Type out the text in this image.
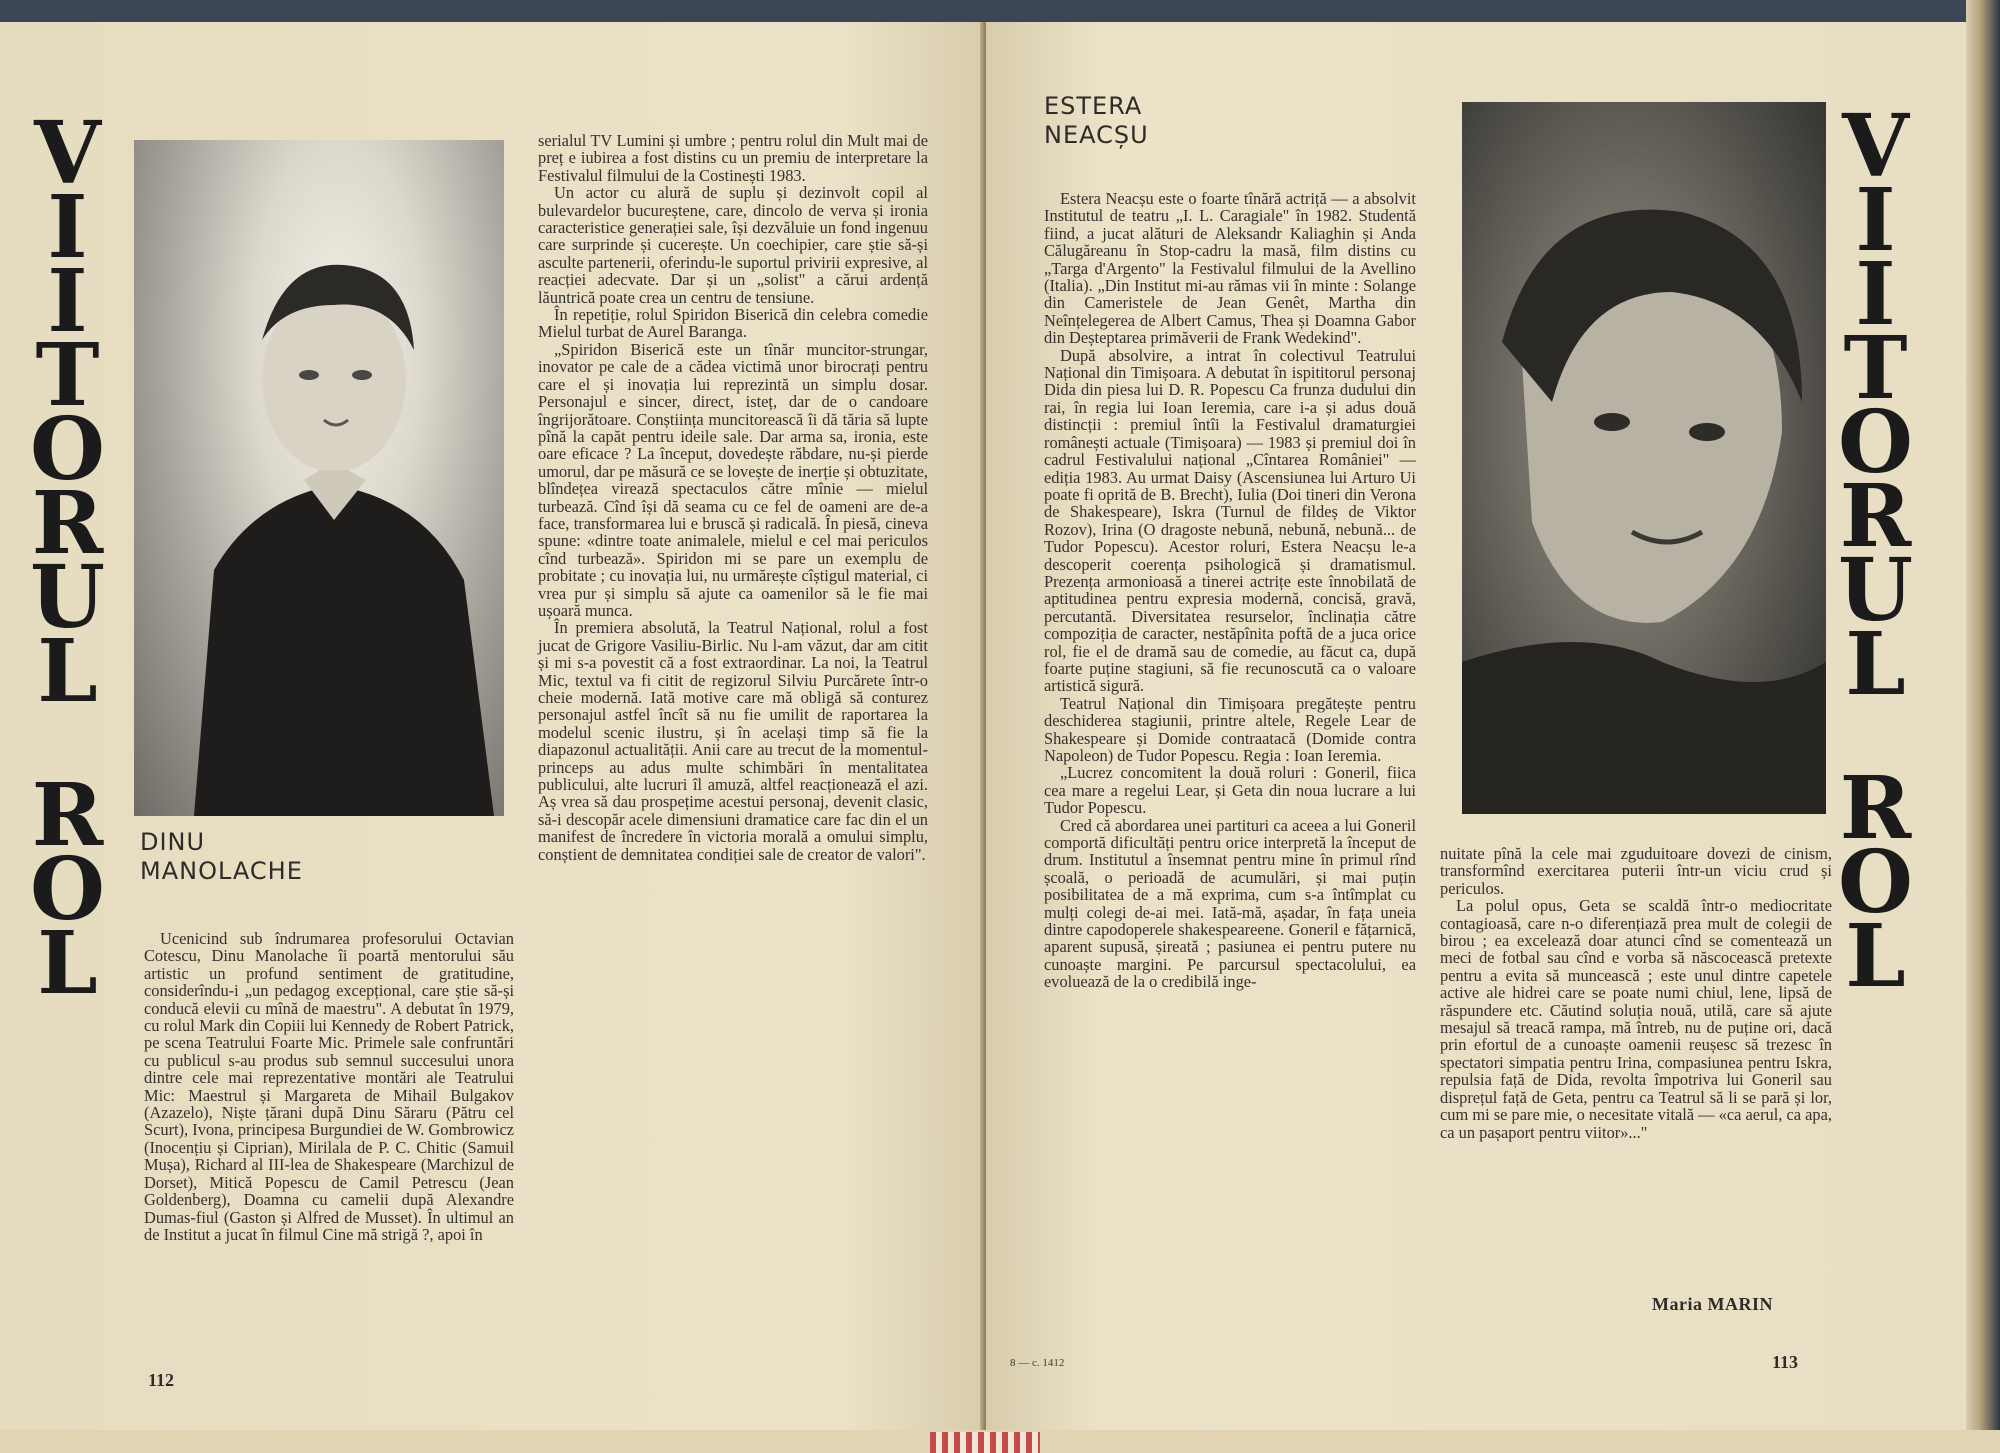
V
I
I
T
O
R
U
L
R
O
L
DINU
MANOLACHE

Ucenicind sub îndrumarea profesorului Octavian Cotescu, Dinu Manolache îi poartă mentorului său artistic un profund sentiment de gratitudine, considerîndu-i „un pedagog excepțional, care știe să-și conducă elevii cu mînă de maestru". A debutat în 1979, cu rolul Mark din Copiii lui Kennedy de Robert Patrick, pe scena Teatrului Foarte Mic. Primele sale confruntări cu publicul s-au produs sub semnul succesului unora dintre cele mai reprezentative montări ale Teatrului Mic: Maestrul și Margareta de Mihail Bulgakov (Azazelo), Niște țărani după Dinu Săraru (Pătru cel Scurt), Ivona, principesa Burgundiei de W. Gombrowicz (Inocențiu și Ciprian), Mirilala de P. C. Chitic (Samuil Mușa), Richard al III-lea de Shakespeare (Marchizul de Dorset), Mitică Popescu de Camil Petrescu (Jean Goldenberg), Doamna cu camelii după Alexandre Dumas-fiul (Gaston și Alfred de Musset). În ultimul an de Institut a jucat în filmul Cine mă strigă ?, apoi în

serialul TV Lumini și umbre ; pentru rolul din Mult mai de preț e iubirea a fost distins cu un premiu de interpretare la Festivalul filmului de la Costinești 1983.

Un actor cu alură de suplu și dezinvolt copil al bulevardelor bucureștene, care, dincolo de verva și ironia caracteristice generației sale, își dezvăluie un fond ingenuu care surprinde și cucerește. Un coechipier, care știe să-și asculte partenerii, oferindu-le suportul privirii expresive, al reacției adecvate. Dar și un „solist" a cărui ardență lăuntrică poate crea un centru de tensiune.

În repetiție, rolul Spiridon Biserică din celebra comedie Mielul turbat de Aurel Baranga.

„Spiridon Biserică este un tînăr muncitor-strungar, inovator pe cale de a cădea victimă unor birocrați pentru care el și inovația lui reprezintă un simplu dosar. Personajul e sincer, direct, isteț, dar de o candoare îngrijorătoare. Conștiința muncitorească îi dă tăria să lupte pînă la capăt pentru ideile sale. Dar arma sa, ironia, este oare eficace ? La început, dovedește răbdare, nu-și pierde umorul, dar pe măsură ce se lovește de inerție și obtuzitate, blîndețea virează spectaculos către mînie — mielul turbează. Cînd își dă seama cu ce fel de oameni are de-a face, transformarea lui e bruscă și radicală. În piesă, cineva spune: «dintre toate animalele, mielul e cel mai periculos cînd turbează». Spiridon mi se pare un exemplu de probitate ; cu inovația lui, nu urmărește cîștigul material, ci vrea pur și simplu să ajute ca oamenilor să le fie mai ușoară munca.

În premiera absolută, la Teatrul Național, rolul a fost jucat de Grigore Vasiliu-Birlic. Nu l-am văzut, dar am citit și mi s-a povestit că a fost extraordinar. La noi, la Teatrul Mic, textul va fi citit de regizorul Silviu Purcărete într-o cheie modernă. Iată motive care mă obligă să conturez personajul astfel încît să nu fie umilit de raportarea la modelul scenic ilustru, și în același timp să fie la diapazonul actualității. Anii care au trecut de la momentul-princeps au adus multe schimbări în mentalitatea publicului, alte lucruri îl amuză, altfel reacționează el azi. Aș vrea să dau prospețime acestui personaj, devenit clasic, să-i descopăr acele dimensiuni dramatice care fac din el un manifest de încredere în victoria morală a omului simplu, conștient de demnitatea condiției sale de creator de valori".

112
ESTERA
NEACȘU

Estera Neacșu este o foarte tînără actriță — a absolvit Institutul de teatru „I. L. Caragiale" în 1982. Studentă fiind, a jucat alături de Aleksandr Kaliaghin și Anda Călugăreanu în Stop-cadru la masă, film distins cu „Targa d'Argento" la Festivalul filmului de la Avellino (Italia). „Din Institut mi-au rămas vii în minte : Solange din Cameristele de Jean Genêt, Martha din Neînțelegerea de Albert Camus, Thea și Doamna Gabor din Deșteptarea primăverii de Frank Wedekind".

După absolvire, a intrat în colectivul Teatrului Național din Timișoara. A debutat în ispititorul personaj Dida din piesa lui D. R. Popescu Ca frunza dudului din rai, în regia lui Ioan Ieremia, care i-a și adus două distincții : premiul întîi la Festivalul dramaturgiei românești actuale (Timișoara) — 1983 și premiul doi în cadrul Festivalului național „Cîntarea României" — ediția 1983. Au urmat Daisy (Ascensiunea lui Arturo Ui poate fi oprită de B. Brecht), Iulia (Doi tineri din Verona de Shakespeare), Iskra (Turnul de fildeș de Viktor Rozov), Irina (O dragoste nebună, nebună, nebună... de Tudor Popescu). Acestor roluri, Estera Neacșu le-a descoperit coerența psihologică și dramatismul. Prezența armonioasă a tinerei actrițe este înnobilată de aptitudinea pentru expresia modernă, concisă, gravă, percutantă. Diversitatea resurselor, înclinația către compoziția de caracter, nestăpînita poftă de a juca orice rol, fie el de dramă sau de comedie, au făcut ca, după foarte puține stagiuni, să fie recunoscută ca o valoare artistică sigură.

Teatrul Național din Timișoara pregătește pentru deschiderea stagiunii, printre altele, Regele Lear de Shakespeare și Domide contraatacă (Domide contra Napoleon) de Tudor Popescu. Regia : Ioan Ieremia.

„Lucrez concomitent la două roluri : Goneril, fiica cea mare a regelui Lear, și Geta din noua lucrare a lui Tudor Popescu.

Cred că abordarea unei partituri ca aceea a lui Goneril comportă dificultăți pentru orice interpretă la început de drum. Institutul a însemnat pentru mine în primul rînd școală, o perioadă de acumulări, și mai puțin posibilitatea de a mă exprima, cum s-a întîmplat cu mulți colegi de-ai mei. Iată-mă, așadar, în fața uneia dintre capodoperele shakespeareene. Goneril e fățarnică, aparent supusă, șireată ; pasiunea ei pentru putere nu cunoaște margini. Pe parcursul spectacolului, ea evoluează de la o credibilă inge-

V
I
I
T
O
R
U
L
R
O
L

nuitate pînă la cele mai zguduitoare dovezi de cinism, transformînd exercitarea puterii într-un viciu crud și periculos.

La polul opus, Geta se scaldă într-o mediocritate contagioasă, care n-o diferențiază prea mult de colegii de birou ; ea excelează doar atunci cînd se comentează un meci de fotbal sau cînd e vorba să născocească pretexte pentru a evita să muncească ; este unul dintre capetele active ale hidrei care se poate numi chiul, lene, lipsă de răspundere etc. Căutind soluția nouă, utilă, care să ajute mesajul să treacă rampa, mă întreb, nu de puține ori, dacă prin efortul de a cunoaște oamenii reușesc să trezesc în spectatori simpatia pentru Irina, compasiunea pentru Iskra, repulsia față de Dida, revolta împotriva lui Goneril sau disprețul față de Geta, pentru ca Teatrul să li se pară și lor, cum mi se pare mie, o necesitate vitală — «ca aerul, ca apa, ca un pașaport pentru viitor»..."

Maria MARIN
8 — c. 1412	113
